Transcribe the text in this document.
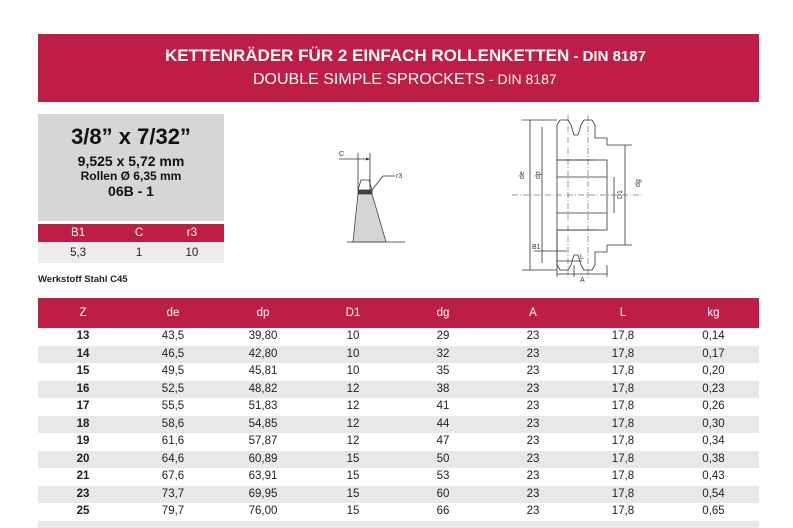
KETTENRÄDER FÜR 2 EINFACH ROLLENKETTEN - DIN 8187
DOUBLE SIMPLE SPROCKETS - DIN 8187
3/8” x 7/32”
9,525 x 5,72 mm
Rollen Ø 6,35 mm
06B - 1
B1	C	r3
5,3	1	10
Werkstoff Stahl C45
C
r3	de dp
D1
dg
B1
L
A
Z	de	dp	D1	dg	A	L	kg
13	43,5	39,80	10	29	23	17,8	0,14
14	46,5	42,80	10	32	23	17,8	0,17
15	49,5	45,81	10	35	23	17,8	0,20
16	52,5	48,82	12	38	23	17,8	0,23
17	55,5	51,83	12	41	23	17,8	0,26
18	58,6	54,85	12	44	23	17,8	0,30
19	61,6	57,87	12	47	23	17,8	0,34
20	64,6	60,89	15	50	23	17,8	0,38
21	67,6	63,91	15	53	23	17,8	0,43
23	73,7	69,95	15	60	23	17,8	0,54
25	79,7	76,00	15	66	23	17,8	0,65
